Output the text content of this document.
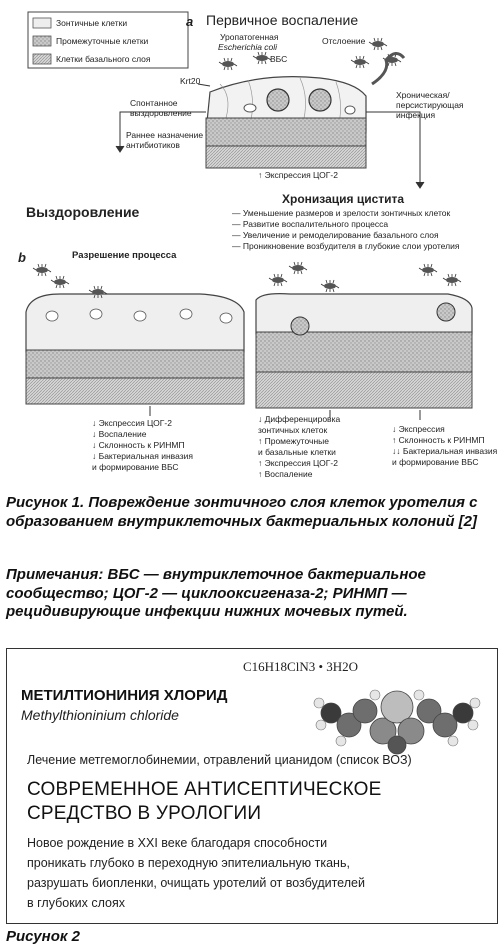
Зонтичные клетки
Промежуточные клетки
Клетки базального слоя
a Первичное воспаление
Уропатогенная
Escherichia coli
ВБС
Отслоение
Krt20
Спонтанное
выздоровление
Раннее назначение
антибиотиков
Хроническая/
персистирующая
инфекция
↑ Экспрессия ЦОГ-2
Выздоровление
Хронизация цистита
— Уменьшение размеров и зрелости зонтичных клеток
— Развитие воспалительного процесса
— Увеличение и ремоделирование базального слоя
— Проникновение возбудителя в глубокие слои уротелия
b	Разрешение процесса
↓ Экспрессия ЦОГ-2
↓ Воспаление
↓ Склонность к РИНМП
↓ Бактериальная инвазия
и формирование ВБС
↓ Дифференцировка
зонтичных клеток
↑ Промежуточные
и базальные клетки
↑ Экспрессия ЦОГ-2
↑ Воспаление
↓ Экспрессия
↑ Склонность к РИНМП
↓↓ Бактериальная инвазия
и формирование ВБС
Рисунок 1. Повреждение зонтичного слоя клеток уротелия с образованием внутриклеточных бактериальных колоний [2]
Примечания: ВБС — внутриклеточное бактериальное сообщество; ЦОГ-2 — циклооксигеназа-2; РИНМП — рецидивирующие инфекции нижних мочевых путей.
C16H18ClN3 • 3H2O
МЕТИЛТИОНИНИЯ ХЛОРИД
Methylthioninium chloride
Лечение метгемоглобинемии, отравлений цианидом (список ВОЗ)
СОВРЕМЕННОЕ АНТИСЕПТИЧЕСКОЕ
СРЕДСТВО В УРОЛОГИИ
Новое рождение в XXI веке благодаря способности
проникать глубоко в переходную эпителиальную ткань,
разрушать биопленки, очищать уротелий от возбудителей
в глубоких слоях
Рисунок 2
